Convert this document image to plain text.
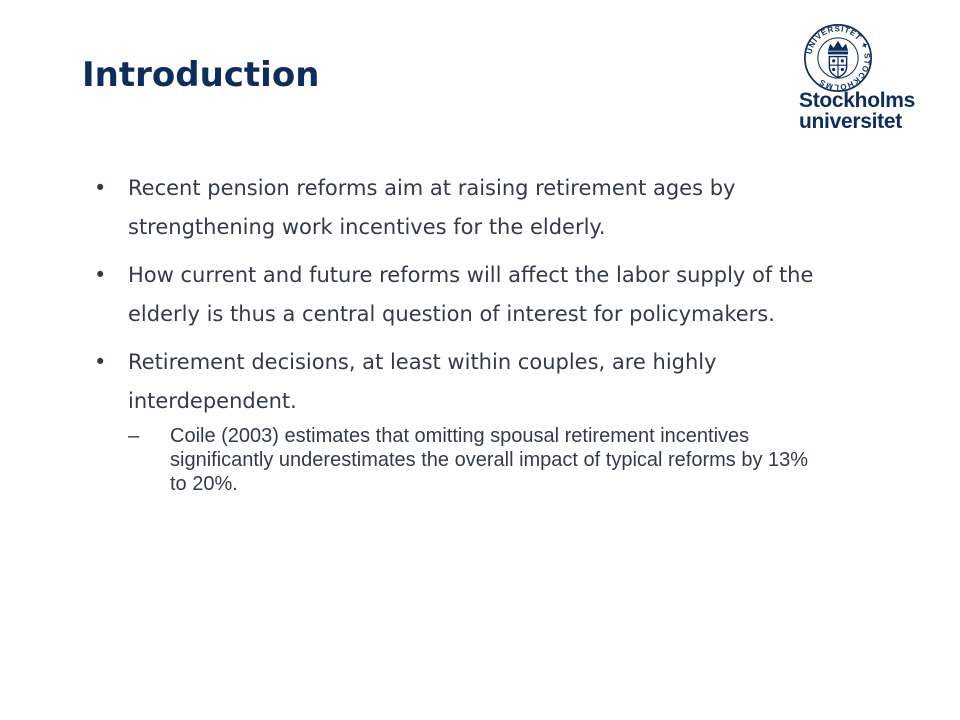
Introduction
UNIVERSITET ✦ STOCKHOLMS
Stockholms
universitet
• Recent pension reforms aim at raising retirement ages by strengthening work incentives for the elderly.
• How current and future reforms will affect the labor supply of the elderly is thus a central question of interest for policymakers.
• Retirement decisions, at least within couples, are highly interdependent.
– Coile (2003) estimates that omitting spousal retirement incentives significantly underestimates the overall impact of typical reforms by 13% to 20%.
